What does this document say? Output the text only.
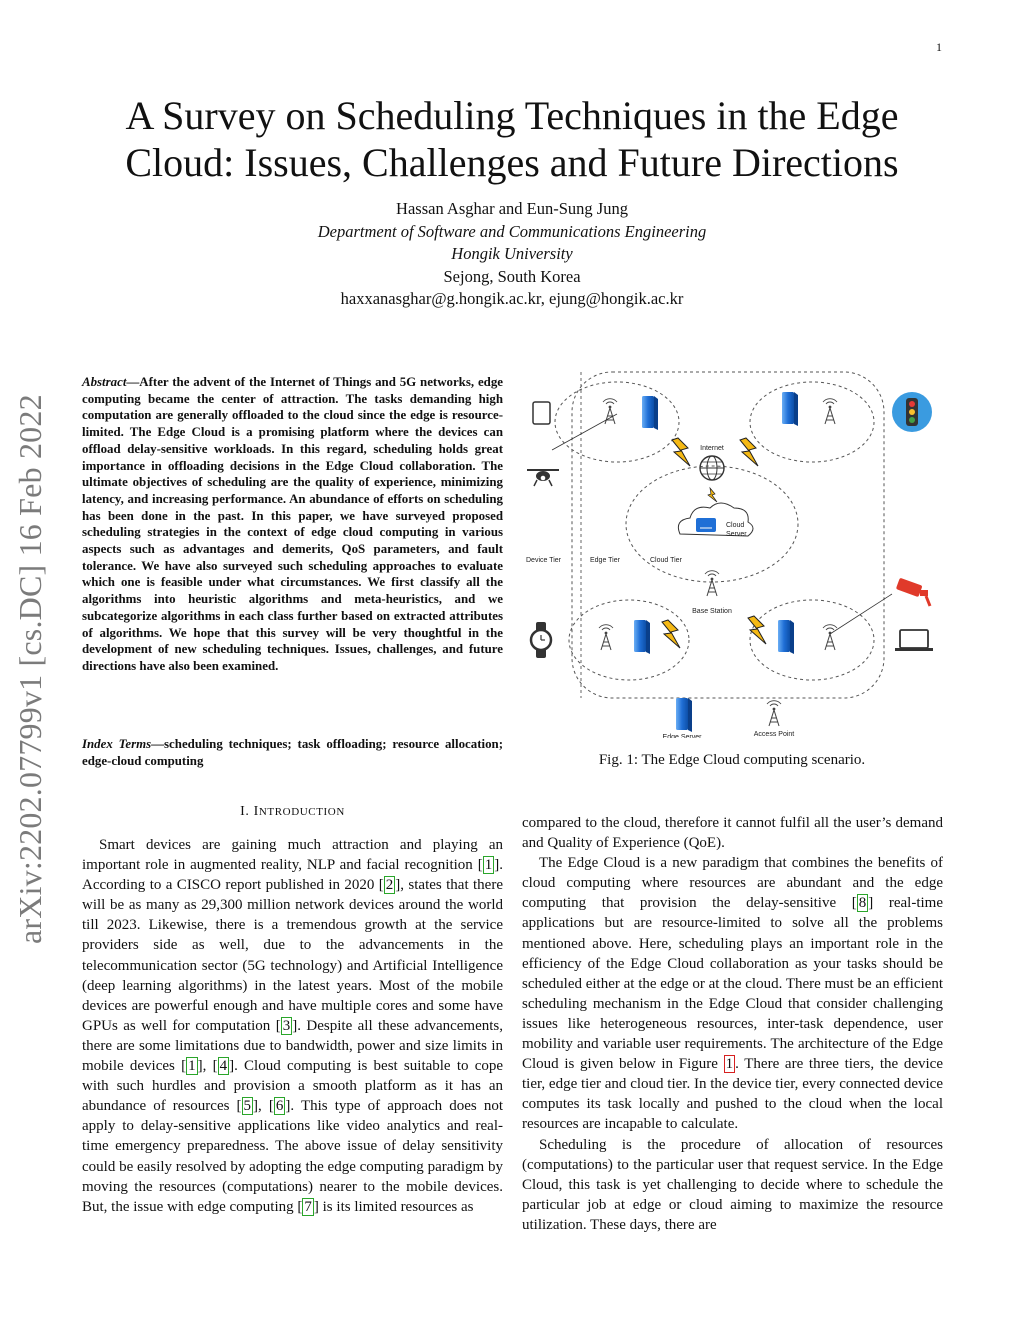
1
A Survey on Scheduling Techniques in the Edge
Cloud: Issues, Challenges and Future Directions
Hassan Asghar and Eun-Sung Jung
Department of Software and Communications Engineering
Hongik University
Sejong, South Korea
haxxanasghar@g.hongik.ac.kr, ejung@hongik.ac.kr
arXiv:2202.07799v1 [cs.DC] 16 Feb 2022
Abstract—After the advent of the Internet of Things and 5G networks, edge computing became the center of attraction. The tasks demanding high computation are generally offloaded to the cloud since the edge is resource-limited. The Edge Cloud is a promising platform where the devices can offload delay-sensitive workloads. In this regard, scheduling holds great importance in offloading decisions in the Edge Cloud collaboration. The ultimate objectives of scheduling are the quality of experience, minimizing latency, and increasing performance. An abundance of efforts on scheduling has been done in the past. In this paper, we have surveyed proposed scheduling strategies in the context of edge cloud computing in various aspects such as advantages and demerits, QoS parameters, and fault tolerance. We have also surveyed such scheduling approaches to evaluate which one is feasible under what circumstances. We first classify all the algorithms into heuristic algorithms and meta-heuristics, and we subcategorize algorithms in each class further based on extracted attributes of algorithms. We hope that this survey will be very thoughtful in the development of new scheduling techniques. Issues, challenges, and future directions have also been examined.
Index Terms—scheduling techniques; task offloading; resource allocation; edge-cloud computing
I. INTRODUCTION

Smart devices are gaining much attraction and playing an important role in augmented reality, NLP and facial recognition [ 1 ]. According to a CISCO report published in 2020 [ 2 ], states that there will be as many as 29,300 million network devices around the world till 2023. Likewise, there is a tremendous growth at the service providers side as well, due to the advancements in the telecommunication sector (5G technology) and Artificial Intelligence (deep learning algorithms) in the latest years. Most of the mobile devices are powerful enough and have multiple cores and some have GPUs as well for computation [ 3 ]. Despite all these advancements, there are some limitations due to bandwidth, power and size limits in mobile devices [ 1 ], [ 4 ]. Cloud computing is best suitable to cope with such hurdles and provision a smooth platform as it has an abundance of resources [ 5 ], [ 6 ]. This type of approach does not apply to delay-sensitive applications like video analytics and real-time emergency preparedness. The above issue of delay sensitivity could be easily resolved by adopting the edge computing paradigm by moving the resources (computations) nearer to the mobile devices. But, the issue with edge computing [ 7 ] is its limited resources as

compared to the cloud, therefore it cannot fulfil all the user’s demand and Quality of Experience (QoE).

The Edge Cloud is a new paradigm that combines the benefits of cloud computing where resources are abundant and the edge computing that provision the delay-sensitive [ 8 ] real-time applications but are resource-limited to solve all the problems mentioned above. Here, scheduling plays an important role in the efficiency of the Edge Cloud collaboration as your tasks should be scheduled either at the edge or at the cloud. There must be an efficient scheduling mechanism in the Edge Cloud that consider challenging issues like heterogeneous resources, inter-task dependence, user mobility and variable user requirements. The architecture of the Edge Cloud is given below in Figure 1 . There are three tiers, the device tier, edge tier and cloud tier. In the device tier, every connected device computes its task locally and pushed to the cloud when the local resources are incapable to calculate.

Scheduling is the procedure of allocation of resources (computations) to the particular user that request service. In the Edge Cloud, this task is yet challenging to decide where to schedule the particular job at edge or cloud aiming to maximize the resource utilization. These days, there are

Internet
Cloud
Server
Device Tier	Edge Tier	Cloud Tier
Base Station
Edge Server	Access Point
Fig. 1: The Edge Cloud computing scenario.
